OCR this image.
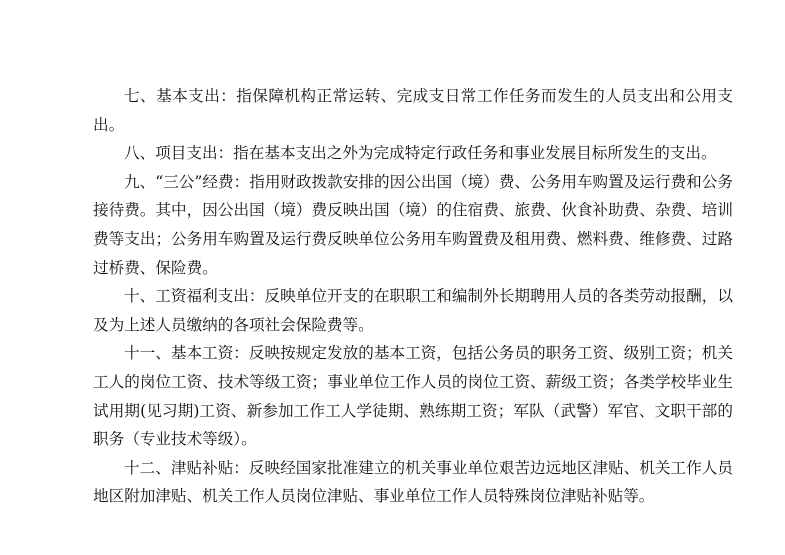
七、基本支出：指保障机构正常运转、完成支日常工作任务而发生的人员支出和公用支出。

八、项目支出：指在基本支出之外为完成特定行政任务和事业发展目标所发生的支出。

九、“三公”经费：指用财政拨款安排的因公出国（境）费、公务用车购置及运行费和公务接待费。其中，因公出国（境）费反映出国（境）的住宿费、旅费、伙食补助费、杂费、培训费等支出；公务用车购置及运行费反映单位公务用车购置费及租用费、燃料费、维修费、过路过桥费、保险费。

十、工资福利支出：反映单位开支的在职职工和编制外长期聘用人员的各类劳动报酬，以及为上述人员缴纳的各项社会保险费等。

十一、基本工资：反映按规定发放的基本工资，包括公务员的职务工资、级别工资；机关工人的岗位工资、技术等级工资；事业单位工作人员的岗位工资、薪级工资；各类学校毕业生试用期(见习期)工资、新参加工作工人学徒期、熟练期工资；军队（武警）军官、文职干部的职务（专业技术等级）。

十二、津贴补贴：反映经国家批准建立的机关事业单位艰苦边远地区津贴、机关工作人员地区附加津贴、机关工作人员岗位津贴、事业单位工作人员特殊岗位津贴补贴等。
